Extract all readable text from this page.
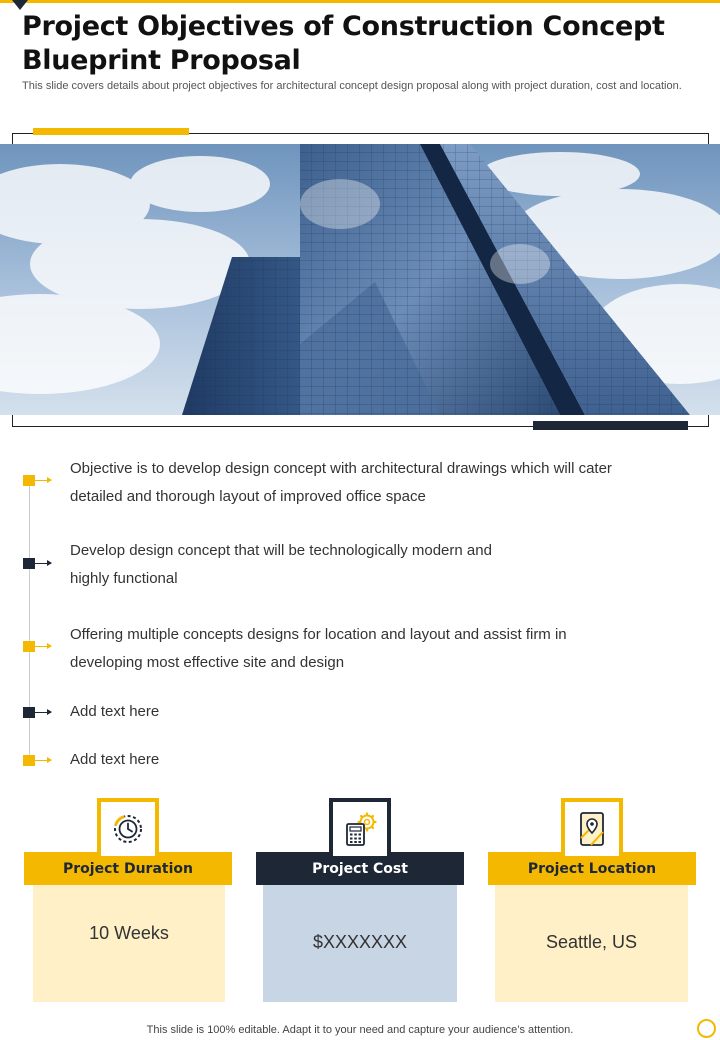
Project Objectives of Construction Concept Blueprint Proposal
This slide covers details about project objectives for architectural concept design proposal along with project duration, cost and location.
Objective is to develop design concept with architectural drawings which will cater
detailed and thorough layout of improved office space
Develop design concept that will be technologically modern and
highly functional
Offering multiple concepts designs for location and layout and assist firm in
developing most effective site and design
Add text here
Add text here
10 Weeks
Project Duration
$XXXXXXX
Project Cost
Seattle, US
Project Location
This slide is 100% editable. Adapt it to your need and capture your audience’s attention.
